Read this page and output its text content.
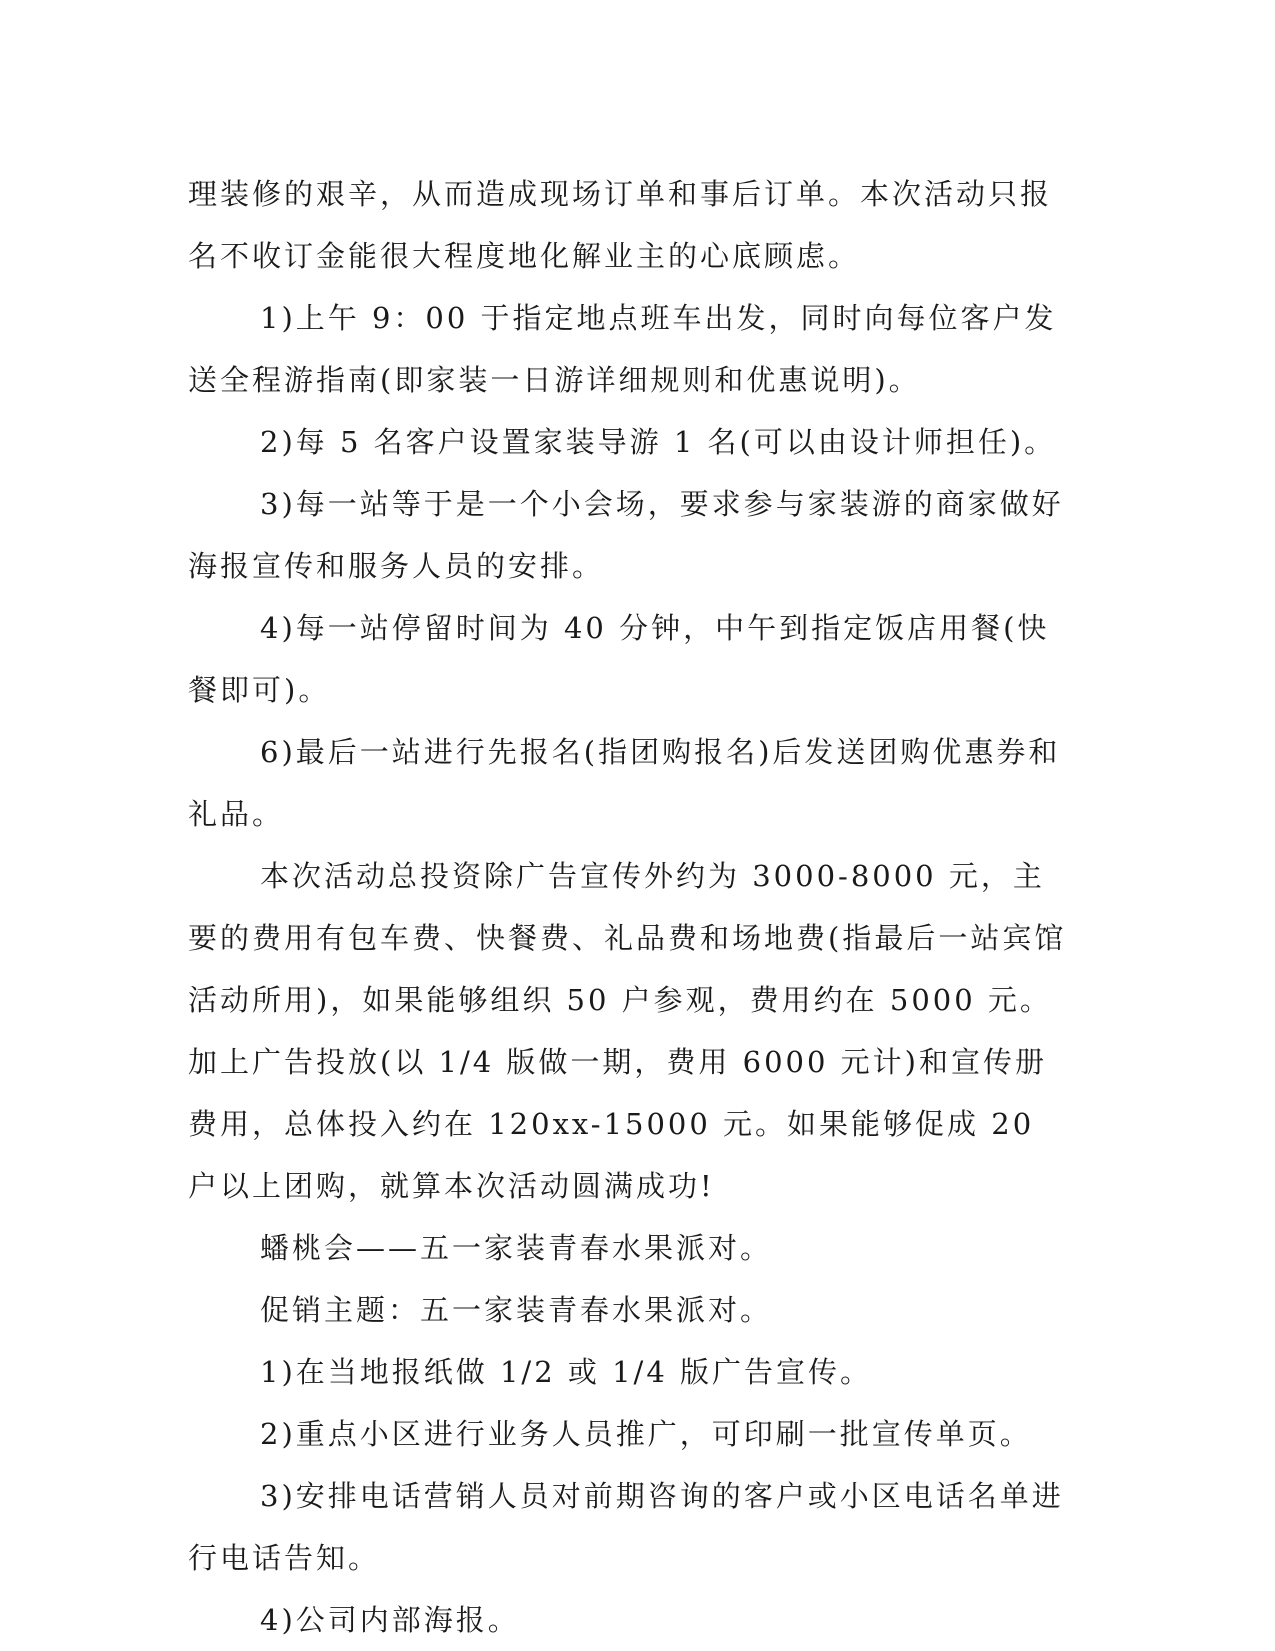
理装修的艰辛，从而造成现场订单和事后订单。本次活动只报名不收订金能很大程度地化解业主的心底顾虑。

1)上午 9：00 于指定地点班车出发，同时向每位客户发送全程游指南(即家装一日游详细规则和优惠说明)。

2)每 5 名客户设置家装导游 1 名(可以由设计师担任)。

3)每一站等于是一个小会场，要求参与家装游的商家做好海报宣传和服务人员的安排。

4)每一站停留时间为 40 分钟，中午到指定饭店用餐(快餐即可)。

6)最后一站进行先报名(指团购报名)后发送团购优惠券和礼品。

本次活动总投资除广告宣传外约为 3000-8000 元，主要的费用有包车费、快餐费、礼品费和场地费(指最后一站宾馆活动所用)，如果能够组织 50 户参观，费用约在 5000 元。加上广告投放(以 1/4 版做一期，费用 6000 元计)和宣传册费用，总体投入约在 120xx-15000 元。如果能够促成 20 户以上团购，就算本次活动圆满成功!

蟠桃会——五一家装青春水果派对。

促销主题：五一家装青春水果派对。

1)在当地报纸做 1/2 或 1/4 版广告宣传。

2)重点小区进行业务人员推广，可印刷一批宣传单页。

3)安排电话营销人员对前期咨询的客户或小区电话名单进行电话告知。

4)公司内部海报。
